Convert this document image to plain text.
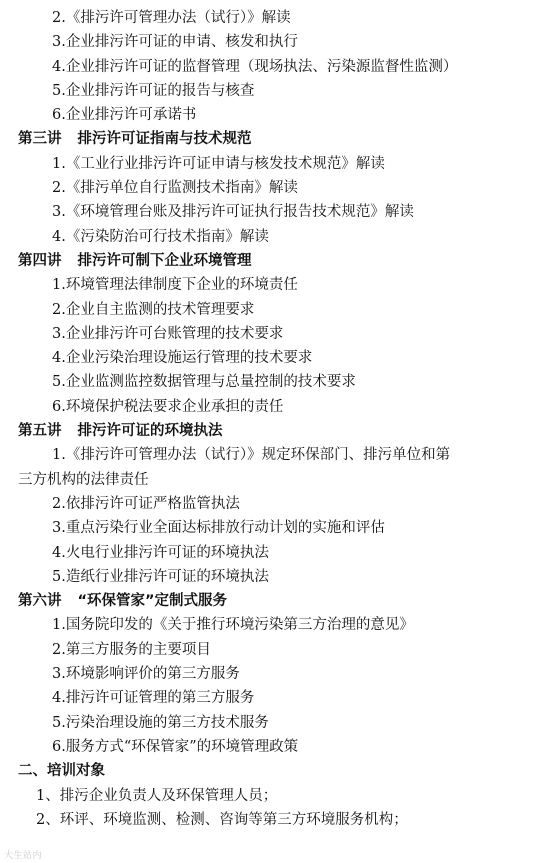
2.《排污许可管理办法（试行）》解读
3.企业排污许可证的申请、核发和执行
4.企业排污许可证的监督管理（现场执法、污染源监督性监测）
5.企业排污许可证的报告与核查
6.企业排污许可承诺书
第三讲 排污许可证指南与技术规范
1.《工业行业排污许可证申请与核发技术规范》解读
2.《排污单位自行监测技术指南》解读
3.《环境管理台账及排污许可证执行报告技术规范》解读
4.《污染防治可行技术指南》解读
第四讲 排污许可制下企业环境管理
1.环境管理法律制度下企业的环境责任
2.企业自主监测的技术管理要求
3.企业排污许可台账管理的技术要求
4.企业污染治理设施运行管理的技术要求
5.企业监测监控数据管理与总量控制的技术要求
6.环境保护税法要求企业承担的责任
第五讲 排污许可证的环境执法
1.《排污许可管理办法（试行）》规定环保部门、排污单位和第
三方机构的法律责任
2.依排污许可证严格监管执法
3.重点污染行业全面达标排放行动计划的实施和评估
4.火电行业排污许可证的环境执法
5.造纸行业排污许可证的环境执法
第六讲 “环保管家”定制式服务
1.国务院印发的《关于推行环境污染第三方治理的意见》
2.第三方服务的主要项目
3.环境影响评价的第三方服务
4.排污许可证管理的第三方服务
5.污染治理设施的第三方技术服务
6.服务方式“环保管家”的环境管理政策
二、培训对象
1、排污企业负责人及环保管理人员；
2、环评、环境监测、检测、咨询等第三方环境服务机构；
大生站内
